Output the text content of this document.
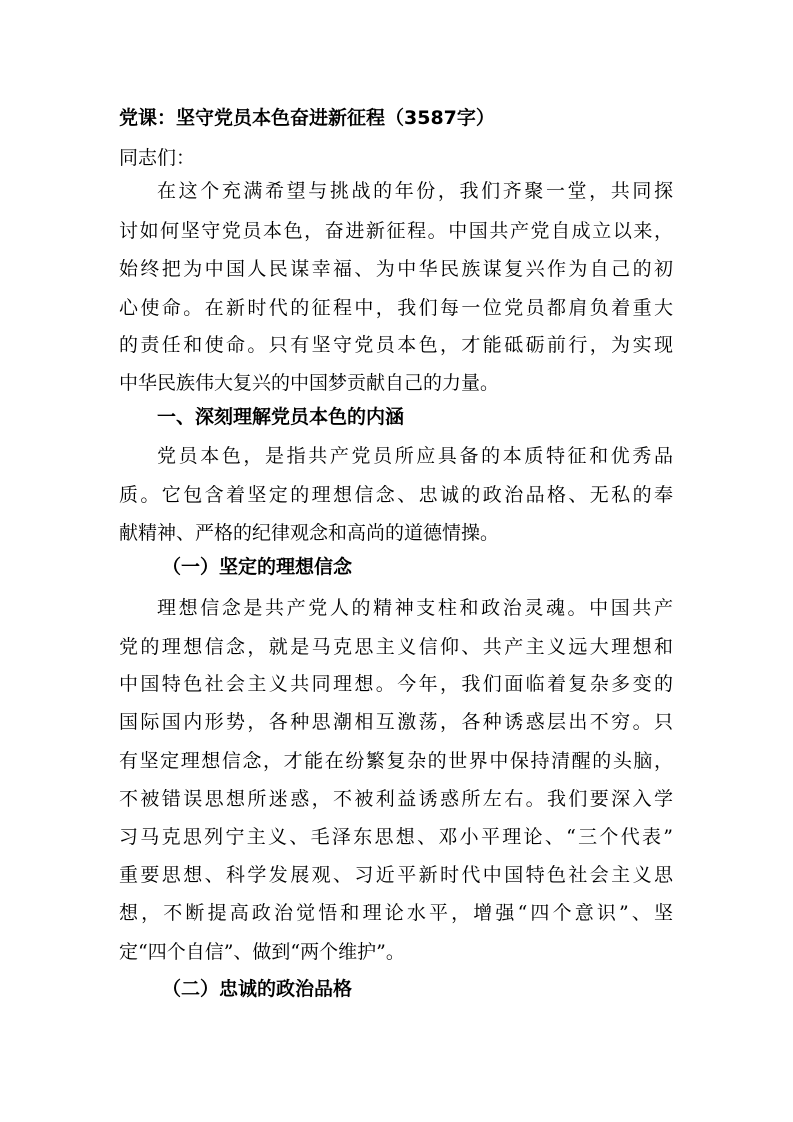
党课：坚守党员本色奋进新征程（3587字）
同志们：
在这个充满希望与挑战的年份，我们齐聚一堂，共同探
讨如何坚守党员本色，奋进新征程。中国共产党自成立以来，
始终把为中国人民谋幸福、为中华民族谋复兴作为自己的初
心使命。在新时代的征程中，我们每一位党员都肩负着重大
的责任和使命。只有坚守党员本色，才能砥砺前行，为实现
中华民族伟大复兴的中国梦贡献自己的力量。
一、深刻理解党员本色的内涵
党员本色，是指共产党员所应具备的本质特征和优秀品
质。它包含着坚定的理想信念、忠诚的政治品格、无私的奉
献精神、严格的纪律观念和高尚的道德情操。
（一）坚定的理想信念
理想信念是共产党人的精神支柱和政治灵魂。中国共产
党的理想信念，就是马克思主义信仰、共产主义远大理想和
中国特色社会主义共同理想。今年，我们面临着复杂多变的
国际国内形势，各种思潮相互激荡，各种诱惑层出不穷。只
有坚定理想信念，才能在纷繁复杂的世界中保持清醒的头脑，
不被错误思想所迷惑，不被利益诱惑所左右。我们要深入学
习马克思列宁主义、毛泽东思想、邓小平理论、“三个代表”
重要思想、科学发展观、习近平新时代中国特色社会主义思
想，不断提高政治觉悟和理论水平，增强“四个意识”、坚
定“四个自信”、做到“两个维护”。
（二）忠诚的政治品格
